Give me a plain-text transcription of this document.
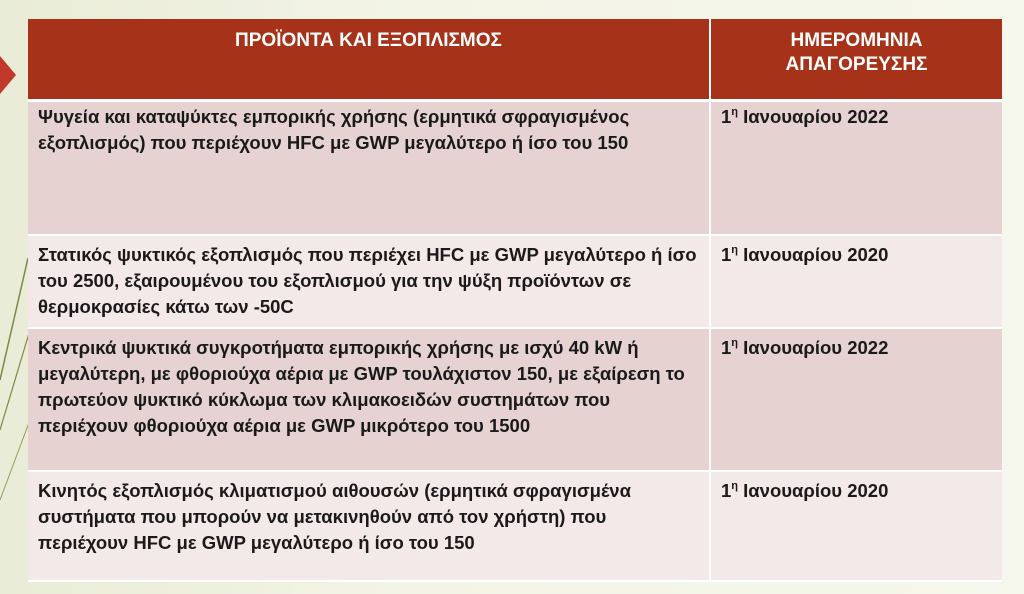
ΠΡΟΪΟΝΤΑ ΚΑΙ ΕΞΟΠΛΙΣΜΟΣ	ΗΜΕΡΟΜΗΝΙΑ
ΑΠΑΓΟΡΕΥΣΗΣ
Ψυγεία και καταψύκτες εμπορικής χρήσης (ερμητικά σφραγισμένος εξοπλισμός) που περιέχουν HFC με GWP μεγαλύτερο ή ίσο του 150	$1^\eta$ Ιανουαρίου 2022
Στατικός ψυκτικός εξοπλισμός που περιέχει HFC με GWP μεγαλύτερο ή ίσο του 2500, εξαιρουμένου του εξοπλισμού για την ψύξη προϊόντων σε θερμοκρασίες κάτω των -50C	$1^\eta$ Ιανουαρίου 2020
Κεντρικά ψυκτικά συγκροτήματα εμπορικής χρήσης με ισχύ 40 kW ή μεγαλύτερη, με φθοριούχα αέρια με GWP τουλάχιστον 150, με εξαίρεση το πρωτεύον ψυκτικό κύκλωμα των κλιμακοειδών συστημάτων που περιέχουν φθοριούχα αέρια με GWP μικρότερο του 1500	$1^\eta$ Ιανουαρίου 2022
Κινητός εξοπλισμός κλιματισμού αιθουσών (ερμητικά σφραγισμένα συστήματα που μπορούν να μετακινηθούν από τον χρήστη) που περιέχουν HFC με GWP μεγαλύτερο ή ίσο του 150	$1^\eta$ Ιανουαρίου 2020
